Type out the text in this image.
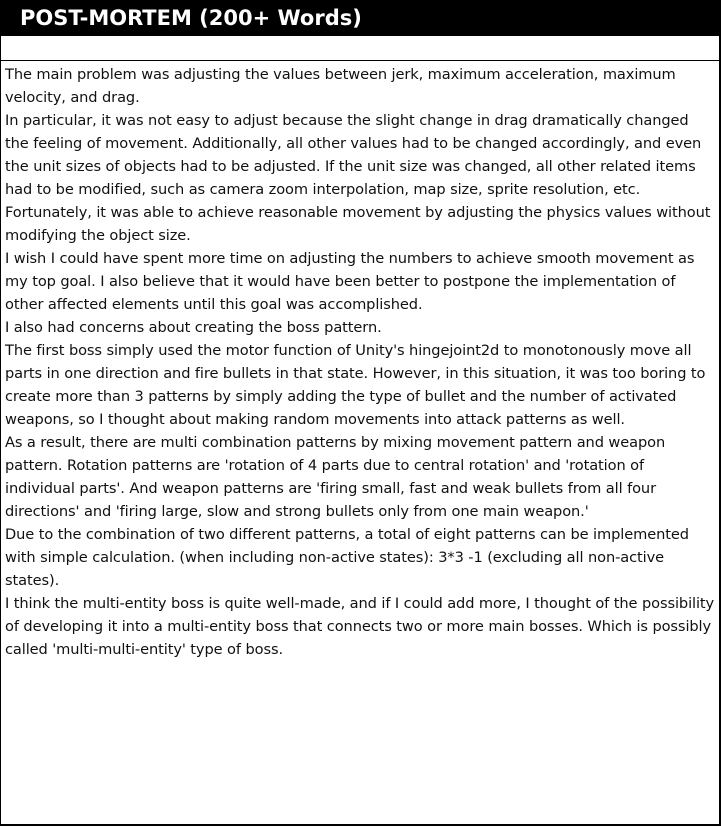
POST-MORTEM (200+ Words)

The main problem was adjusting the values between jerk, maximum acceleration, maximum velocity, and drag.

In particular, it was not easy to adjust because the slight change in drag dramatically changed the feeling of movement. Additionally, all other values had to be changed accordingly, and even the unit sizes of objects had to be adjusted. If the unit size was changed, all other related items had to be modified, such as camera zoom interpolation, map size, sprite resolution, etc.

Fortunately, it was able to achieve reasonable movement by adjusting the physics values without modifying the object size.

I wish I could have spent more time on adjusting the numbers to achieve smooth movement as my top goal. I also believe that it would have been better to postpone the implementation of other affected elements until this goal was accomplished.

I also had concerns about creating the boss pattern.

The first boss simply used the motor function of Unity's hingejoint2d to monotonously move all parts in one direction and fire bullets in that state. However, in this situation, it was too boring to create more than 3 patterns by simply adding the type of bullet and the number of activated weapons, so I thought about making random movements into attack patterns as well.

As a result, there are multi combination patterns by mixing movement pattern and weapon pattern. Rotation patterns are 'rotation of 4 parts due to central rotation' and 'rotation of individual parts'. And weapon patterns are 'firing small, fast and weak bullets from all four directions' and 'firing large, slow and strong bullets only from one main weapon.'

Due to the combination of two different patterns, a total of eight patterns can be implemented with simple calculation. (when including non-active states): 3*3 -1 (excluding all non-active states).

I think the multi-entity boss is quite well-made, and if I could add more, I thought of the possibility of developing it into a multi-entity boss that connects two or more main bosses. Which is possibly called 'multi-multi-entity' type of boss.
